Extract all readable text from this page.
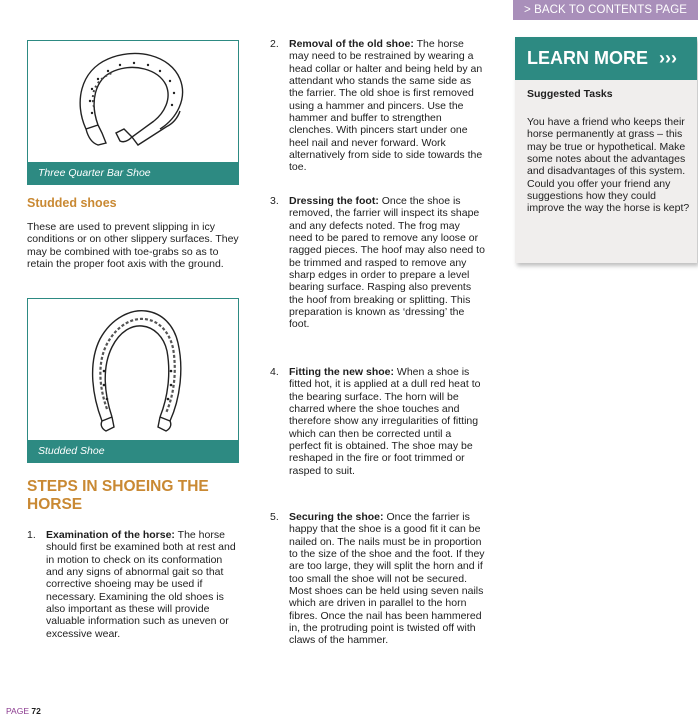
> BACK TO CONTENTS PAGE
Three Quarter Bar Shoe
Studded shoes
These are used to prevent slipping in icy conditions or on other slippery surfaces. They may be combined with toe-grabs so as to retain the proper foot axis with the ground.
Studded Shoe
STEPS IN SHOEING THE HORSE
1. Examination of the horse: The horse should first be examined both at rest and in motion to check on its conformation and any signs of abnormal gait so that corrective shoeing may be used if necessary. Examining the old shoes is also important as these will provide valuable information such as uneven or excessive wear.
2. Removal of the old shoe: The horse may need to be restrained by wearing a head collar or halter and being held by an attendant who stands the same side as the farrier. The old shoe is first removed using a hammer and pincers. Use the hammer and buffer to strengthen clenches. With pincers start under one heel nail and never forward. Work alternatively from side to side towards the toe.
3. Dressing the foot: Once the shoe is removed, the farrier will inspect its shape and any defects noted. The frog may need to be pared to remove any loose or ragged pieces. The hoof may also need to be trimmed and rasped to remove any sharp edges in order to prepare a level bearing surface. Rasping also prevents the hoof from breaking or splitting. This preparation is known as ‘dressing’ the foot.
4. Fitting the new shoe: When a shoe is fitted hot, it is applied at a dull red heat to the bearing surface. The horn will be charred where the shoe touches and therefore show any irregularities of fitting which can then be corrected until a perfect fit is obtained. The shoe may be reshaped in the fire or foot trimmed or rasped to suit.
5. Securing the shoe: Once the farrier is happy that the shoe is a good fit it can be nailed on. The nails must be in proportion to the size of the shoe and the foot. If they are too large, they will split the horn and if too small the shoe will not be secured. Most shoes can be held using seven nails which are driven in parallel to the horn fibres. Once the nail has been hammered in, the protruding point is twisted off with claws of the hammer.
LEARN MORE ›››
Suggested Tasks
You have a friend who keeps their horse permanently at grass – this may be true or hypothetical. Make some notes about the advantages and disadvantages of this system. Could you offer your friend any suggestions how they could improve the way the horse is kept?
PAGE 72
